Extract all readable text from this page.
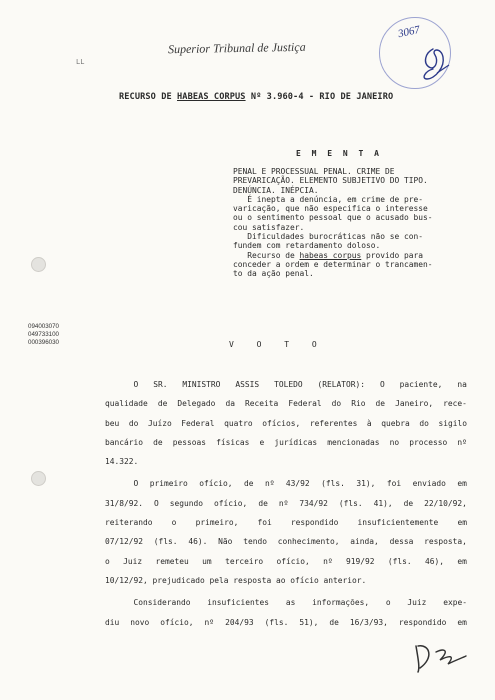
Superior Tribunal de Justiça
LL
3067
RECURSO DE HABEAS CORPUS Nº 3.960-4 - RIO DE JANEIRO
E M E N T A
PENAL E PROCESSUAL PENAL. CRIME DE
PREVARICAÇÃO. ELEMENTO SUBJETIVO DO TIPO.
DENÚNCIA. INÉPCIA.
É inepta a denúncia, em crime de pre-
varicação, que não especifica o interesse
ou o sentimento pessoal que o acusado bus-
cou satisfazer.
Dificuldades burocráticas não se con-
fundem com retardamento doloso.
Recurso de habeas corpus provido para
conceder a ordem e determinar o trancamen-
to da ação penal.
094003070
049733100
000396030	V O T O
O SR. MINISTRO ASSIS TOLEDO (RELATOR): O paciente, na
qualidade de Delegado da Receita Federal do Rio de Janeiro, rece-
beu do Juízo Federal quatro ofícios, referentes à quebra do sigilo
bancário de pessoas físicas e jurídicas mencionadas no processo nº
14.322.
O primeiro ofício, de nº 43/92 (fls. 31), foi enviado em
31/8/92. O segundo ofício, de nº 734/92 (fls. 41), de 22/10/92,
reiterando o primeiro, foi respondido insuficientemente em
07/12/92 (fls. 46). Não tendo conhecimento, ainda, dessa resposta,
o Juiz remeteu um terceiro ofício, nº 919/92 (fls. 46), em
10/12/92, prejudicado pela resposta ao ofício anterior.
Considerando insuficientes as informações, o Juiz expe-
diu novo ofício, nº 204/93 (fls. 51), de 16/3/93, respondido em
